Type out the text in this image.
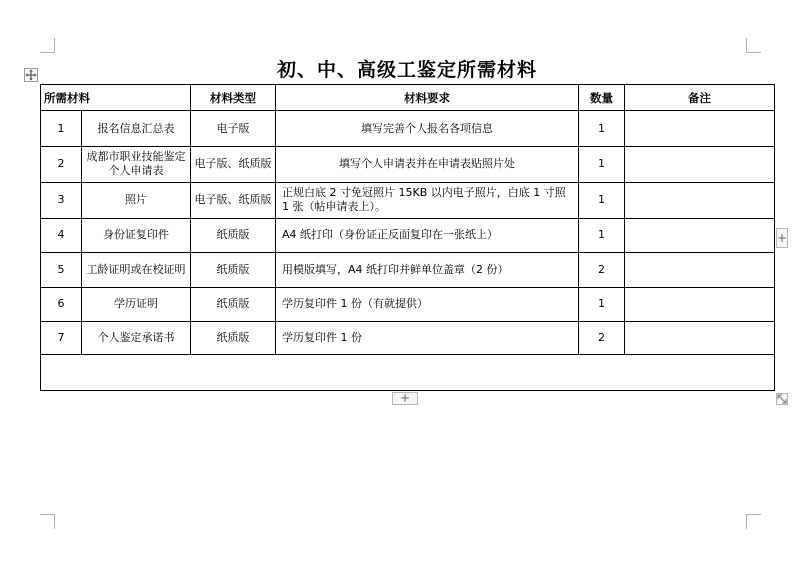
初、中、高级工鉴定所需材料
所需材料		材料类型	材料要求	数量	备注
1	报名信息汇总表	电子版	填写完善个人报名各项信息	1	
2	成都市职业技能鉴定个人申请表	电子版、纸质版	填写个人申请表并在申请表贴照片处	1	
3	照片	电子版、纸质版	正规白底 2 寸免冠照片 15KB 以内电子照片，白底 1 寸照 1 张（帖申请表上）。	1	
4	身份证复印件	纸质版	A4 纸打印（身份证正反面复印在一张纸上）	1	
5	工龄证明或在校证明	纸质版	用模版填写，A4 纸打印并鲜单位盖章（2 份）	2	
6	学历证明	纸质版	学历复印件 1 份（有就提供）	1	
7	个人鉴定承诺书	纸质版	学历复印件 1 份	2	

+
+
